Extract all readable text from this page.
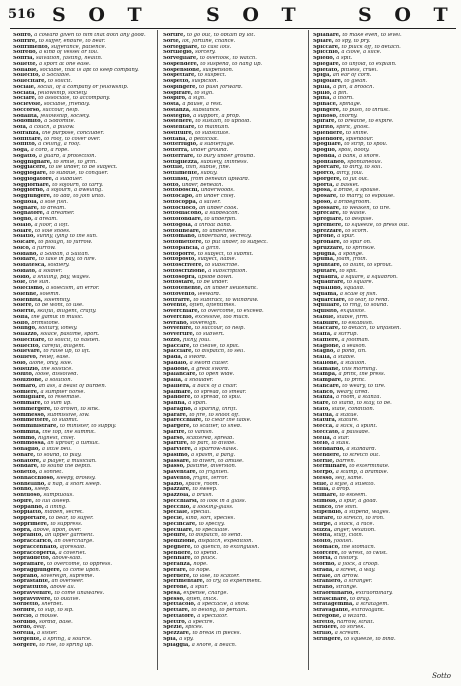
516 S O T	S O T	S O T

Soffro, a coward given to him that doth any good.

Soffrire, to suffer, endure, to bear.

Soffrimento, sufferance, patience.

Sofredo, a kind of vessel or toll.

Soffria, salvation, fasting, health.

Sollette, a sport at one ease.

Soliable, sociable, that is apt to keep company.

Sollecito, a Sociable.

Sollecitare, to solicit.

Sociale, social, of a company or fellowship.

Sociatà, fellowship, society.

Sociare, to associate, to accompany.

Socievole, sociable, friendly.

Soccorso, succour, help.

Sodalità, fellowship, society.

Sodomito, a Sodomite.

Sofà, a couch, a pillow.

Sofranza, the purpose, concluder.

Soffittare, to roof, to cover over.

Soffitto, a ceiling, a roof.

Soga, a cord, a rope.

Sogatto, a guard, a protection.

Sogghignare, to smile, to grin.

Soggiacere, to lie under, to be subject.

Soggiogare, to subdue, to conquer.

Soggiogatore, a subduer.

Soggiornare, to sojourn, to tarry.

Soggiorno, a sojourn, a dwelling.

Soggiungere, to add, to join unto.

Sogliola, a sole fish.

Sognare, to dream.

Sognatore, a dreamer.

Sogno, a dream.

Solaio, a floor, a loft.

Solare, to sole shoes.

Solatio, sunny, lying to the sun.

Solcare, to plough, to furrow.

Solco, a furrow.

Soldano, a Soldan, a Sultan.

Soldare, to take in pay, to hire.

Soldatesca, soldiery.

Soldato, a soldier.

Soldo, a shilling, pay, wages.

Sole, the sun.

Solecismo, a solecism, an error.

Solenne, solemn.

Solennità, solemnity.

Solere, to be wont, to use.

Solerte, skilful, diligent, crafty.

Solfa, the gamut in music.

Solfo, brimstone.

Solingo, solitary, lonely.

Sollazzo, solace, pastime, sport.

Sollecitare, to solicit, to hasten.

Sollecito, careful, diligent.

Sollevare, to raise up, to lift.

Sollievo, relief, ease.

Solo, alone, only, sole.

Solstizio, the solstice.

Soluto, loose, dissolved.

Soluzione, a solution.

Somaro, an ass, a beast of burden.

Somiere, a sumpter horse.

Somigliare, to resemble.

Sommare, to sum up.

Sommergere, to drown, to sink.

Sommesso, submissive, low.

Sommettere, to submit.

Somministrare, to minister, to supply.

Sommità, the top, the summit.

Sommo, highest, chief.

Sommossa, an uproar, a tumult.

Sonaglio, a little bell.

Sonare, to sound, to play.

Sonatore, a player, a musician.

Sondare, to sound the depth.

Sonetto, a sonnet.

Sonnacchioso, sleepy, drowsy.

Sonnellino, a nap, a short sleep.

Sonno, sleep.

Sontuoso, sumptuous.

Sopire, to lull asleep.

Soppanno, a lining.

Soppiatto, hidden, secret.

Sopportare, to bear, to suffer.

Sopprimere, to suppress.

Sopra, above, upon, over.

Soprabito, an upper garment.

Sopraccarico, an overcharge.

Sopraccennato, aforesaid.

Sopraccoperta, a coverlet.

Sopraddetto, above-said.

Sopraffare, to overcome, to oppress.

Sopraggiungere, to come upon.

Soprano, sovereign, supreme.

Soprastante, an overseer.

Soprattutto, above all.

Sopravvenire, to come unawares.

Sopravvivere, to outlive.

Sorbetto, sherbet.

Sorbire, to sup, to sip.

Sorcio, a mouse.

Sordido, sordid, base.

Sordo, deaf.

Sorella, a sister.

Sorgente, a spring, a source.

Sorgere, to rise, to spring up.

Sortire, to go out, to obtain by lot.

Sorte, lot, fortune, chance.

Sorteggiare, to cast lots.

Sortilegio, sorcery.

Sorvegliare, to overlook, to watch.

Sospendere, to suspend, to hang up.

Sospensione, suspension.

Sospettare, to suspect.

Sospetto, suspicion.

Sospingere, to push forward.

Sospirare, to sigh.

Sospiro, a sigh.

Sosta, a pause, a rest.

Sostanza, substance.

Sostegno, a support, a prop.

Sostenere, to sustain, to uphold.

Sostentare, to maintain.

Sostituire, to substitute.

Sottana, a petticoat.

Sotterfugio, a subterfuge.

Sotterra, under ground.

Sotterrare, to bury under ground.

Sottigliezza, subtlety, thinness.

Sottile, thin, subtle, fine.

Sottilmente, subtly.

Sottinsù, from beneath upward.

Sotto, under, beneath.

Sottoboschi, underwoods.

Sottocapo, an under chief.

Sottocoppa, a salver.

Sottocuoco, an under cook.

Sottodiacono, a subdeacon.

Sottofondare, to underpin.

Sottogola, a throat band.

Sottolineare, to underline.

Sottomano, underhand, secretly.

Sottomettere, to put under, to subject.

Sottopancia, a girth.

Sottoporre, to subject, to submit.

Sottoposto, subject, liable.

Sottoscrivere, to subscribe.

Sottoscrizione, a subscription.

Sottosopra, upside down.

Sottostare, to be under.

Sottotenente, an under lieutenant.

Sottovento, leeward.

Sottrarre, to subtract, to withdraw.

Sovente, often, oftentimes.

Soverchiare, to overcome, to exceed.

Soverchio, excessive, too much.

Sovrano, sovereign.

Sovvenire, to succour, to help.

Sovvertire, to subvert.

Sozzo, filthy, foul.

Spaccare, to cleave, to split.

Spacciare, to dispatch, to sell.

Spada, a sword.

Spadaio, a sword cutler.

Spadone, a great sword.

Spalancare, to open wide.

Spalla, a shoulder.

Spalliera, a back of a chair.

Spalmare, to spread, to smear.

Spandere, to spread, to spill.

Spanna, a span.

Sparagno, a sparing, thrift.

Sparare, to fire, to shoot off.

Sparecchiare, to clear the table.

Spargere, to scatter, to shed.

Sparire, to vanish.

Sparso, scattered, spread.

Spartire, to part, to divide.

Sparviere, a sparrow-hawk.

Spasimo, a spasm, a pang.

Spassare, to divert, to amuse.

Spasso, pastime, diversion.

Spaventare, to frighten.

Spavento, fright, terror.

Spazio, space, room.

Spazzare, to sweep.

Spazzola, a brush.

Specchiarsi, to look in a glass.

Specchio, a looking-glass.

Speciale, special.

Specie, kind, sort, species.

Specificare, to specify.

Speculare, to speculate.

Spedire, to dispatch, to send.

Spedizione, dispatch, expedition.

Spegnere, to quench, to extinguish.

Spendere, to spend.

Spennare, to pluck.

Speranza, hope.

Sperare, to hope.

Sperdere, to lose, to scatter.

Sperimentare, to try, to experiment.

Sperone, a spur.

Spesa, expense, charge.

Spesso, often, thick.

Spettacolo, a spectacle, a show.

Spettare, to belong, to pertain.

Spettatore, a spectator.

Spettro, a spectre.

Spezie, spices.

Spezzare, to break in pieces.

Spia, a spy.

Spiaggia, a shore, a beach.

Spianare, to make even, to level.

Spiare, to spy, to pry.

Spiccare, to pluck off, to detach.

Spicchio, a clove, a slice.

Spiedo, a spit.

Spiegare, to unfold, to explain.

Spietato, pitiless, cruel.

Spiga, an ear of corn.

Spigolare, to glean.

Spilla, a pin, a brooch.

Spillo, a pin.

Spina, a thorn.

Spinace, spinage.

Spingere, to push, to thrust.

Spinoso, thorny.

Spirare, to breathe, to expire.

Spirito, spirit, ghost.

Splendere, to shine.

Splendore, splendour.

Spogliare, to strip, to spoil.

Spoglio, spoil, booty.

Sponda, a bank, a shore.

Spontaneo, spontaneous.

Sporcare, to dirty, to soil.

Sporco, dirty, foul.

Sporgere, to jut out.

Sporta, a basket.

Sposa, a bride, a spouse.

Sposare, to marry, to espouse.

Sposo, a bridegroom.

Spossare, to weaken, to tire.

Sprecare, to waste.

Spregiare, to despise.

Spremere, to squeeze, to press out.

Sprezzare, to scorn.

Sprone, a spur.

Spronare, to spur on.

Spruzzare, to sprinkle.

Spugna, a sponge.

Spuma, foam, froth.

Spuntare, to blunt, to sprout.

Sputare, to spit.

Squadra, a square, a squadron.

Squadrare, to square.

Squallido, squalid.

Squama, a scale of fish.

Squarciare, to tear, to rend.

Squillare, to ring, to sound.

Squisito, exquisite.

Stabile, stable, firm.

Stabilire, to establish.

Staccare, to detach, to unfasten.

Staffa, a stirrup.

Staffiere, a footman.

Stagione, a season.

Stagno, a pond, tin.

Stalla, a stable.

Stallone, a stallion.

Stamane, this morning.

Stampa, a print, the press.

Stampare, to print.

Stancare, to weary, to tire.

Stanco, weary, tired.

Stanza, a room, a stanza.

Stare, to stand, to stay, to be.

Stato, state, condition.

Statua, a statue.

Statura, stature.

Stecca, a stick, a splint.

Steccato, a palisade.

Stella, a star.

Stelo, a stalk.

Stendardo, a standard.

Stendere, to stretch out.

Sterile, barren.

Sterminare, to exterminate.

Sterpo, a stump, a bramble.

Stesso, self, same.

Stile, a style, a stiletto.

Stilla, a drop.

Stimare, to esteem.

Stimolo, a spur, a goad.

Stinco, the shin.

Stipendio, a stipend, wages.

Stirare, to stretch, to iron.

Stirpe, a stock, a race.

Stizza, anger, vexation.

Stoffa, stuff, cloth.

Stolto, foolish.

Stomaco, the stomach.

Storcere, to wrest, to twist.

Storia, a history.

Stormo, a flock, a troop.

Strada, a street, a way.

Strale, an arrow.

Straniero, a stranger.

Strano, strange.

Straordinario, extraordinary.

Strascinare, to drag.

Stratagemma, a stratagem.

Stravagante, extravagant.

Stregone, a wizard.

Stretto, narrow, strait.

Stridere, to shriek.

Strillo, a scream.

Stringere, to squeeze, to bind.

Sotto
